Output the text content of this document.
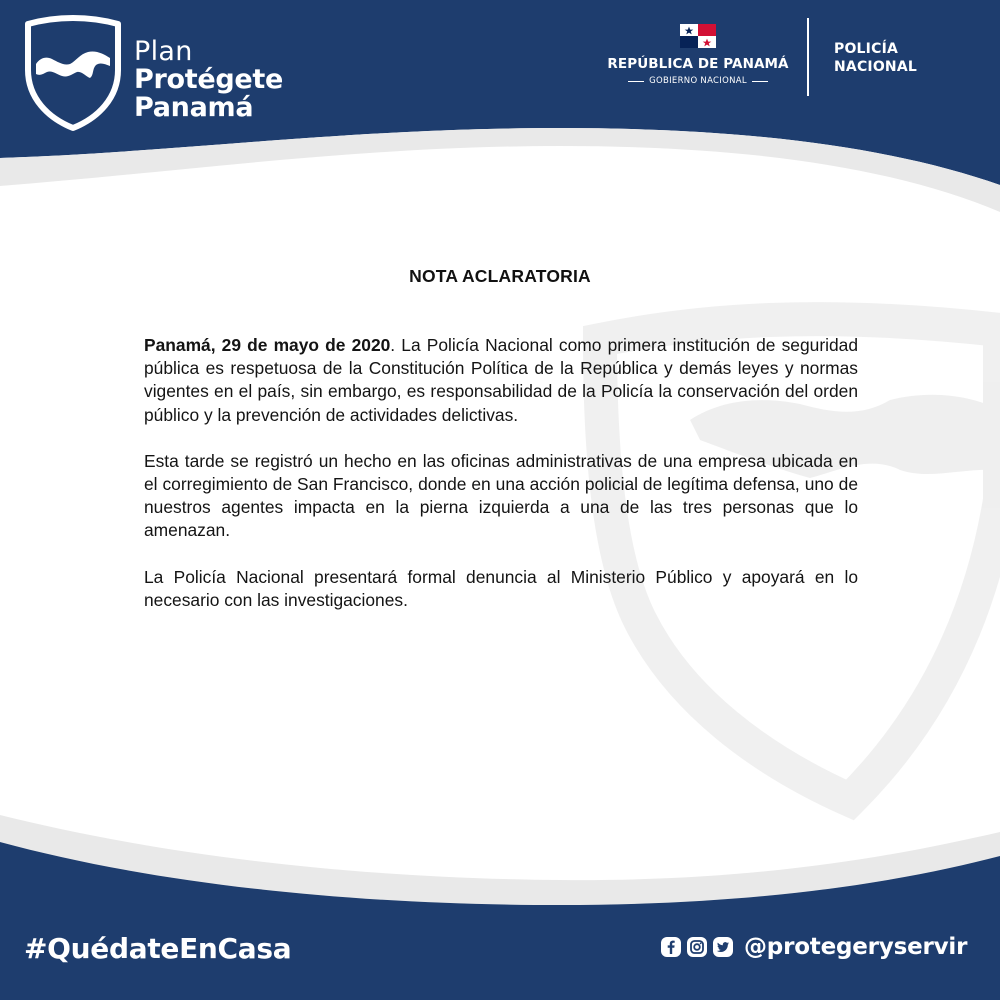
Plan
Protégete
Panamá
REPÚBLICA DE PANAMÁ
GOBIERNO NACIONAL
POLICÍA
NACIONAL
NOTA ACLARATORIA

Panamá, 29 de mayo de 2020. La Policía Nacional como primera institución de seguridad pública es respetuosa de la Constitución Política de la República y demás leyes y normas vigentes en el país, sin embargo, es responsabilidad de la Policía la conservación del orden público y la prevención de actividades delictivas.

Esta tarde se registró un hecho en las oficinas administrativas de una empresa ubicada en el corregimiento de San Francisco, donde en una acción policial de legítima defensa, uno de nuestros agentes impacta en la pierna izquierda a una de las tres personas que lo amenazan.

La Policía Nacional presentará formal denuncia al Ministerio Público y apoyará en lo necesario con las investigaciones.

#QuédateEnCasa	@protegeryservir
